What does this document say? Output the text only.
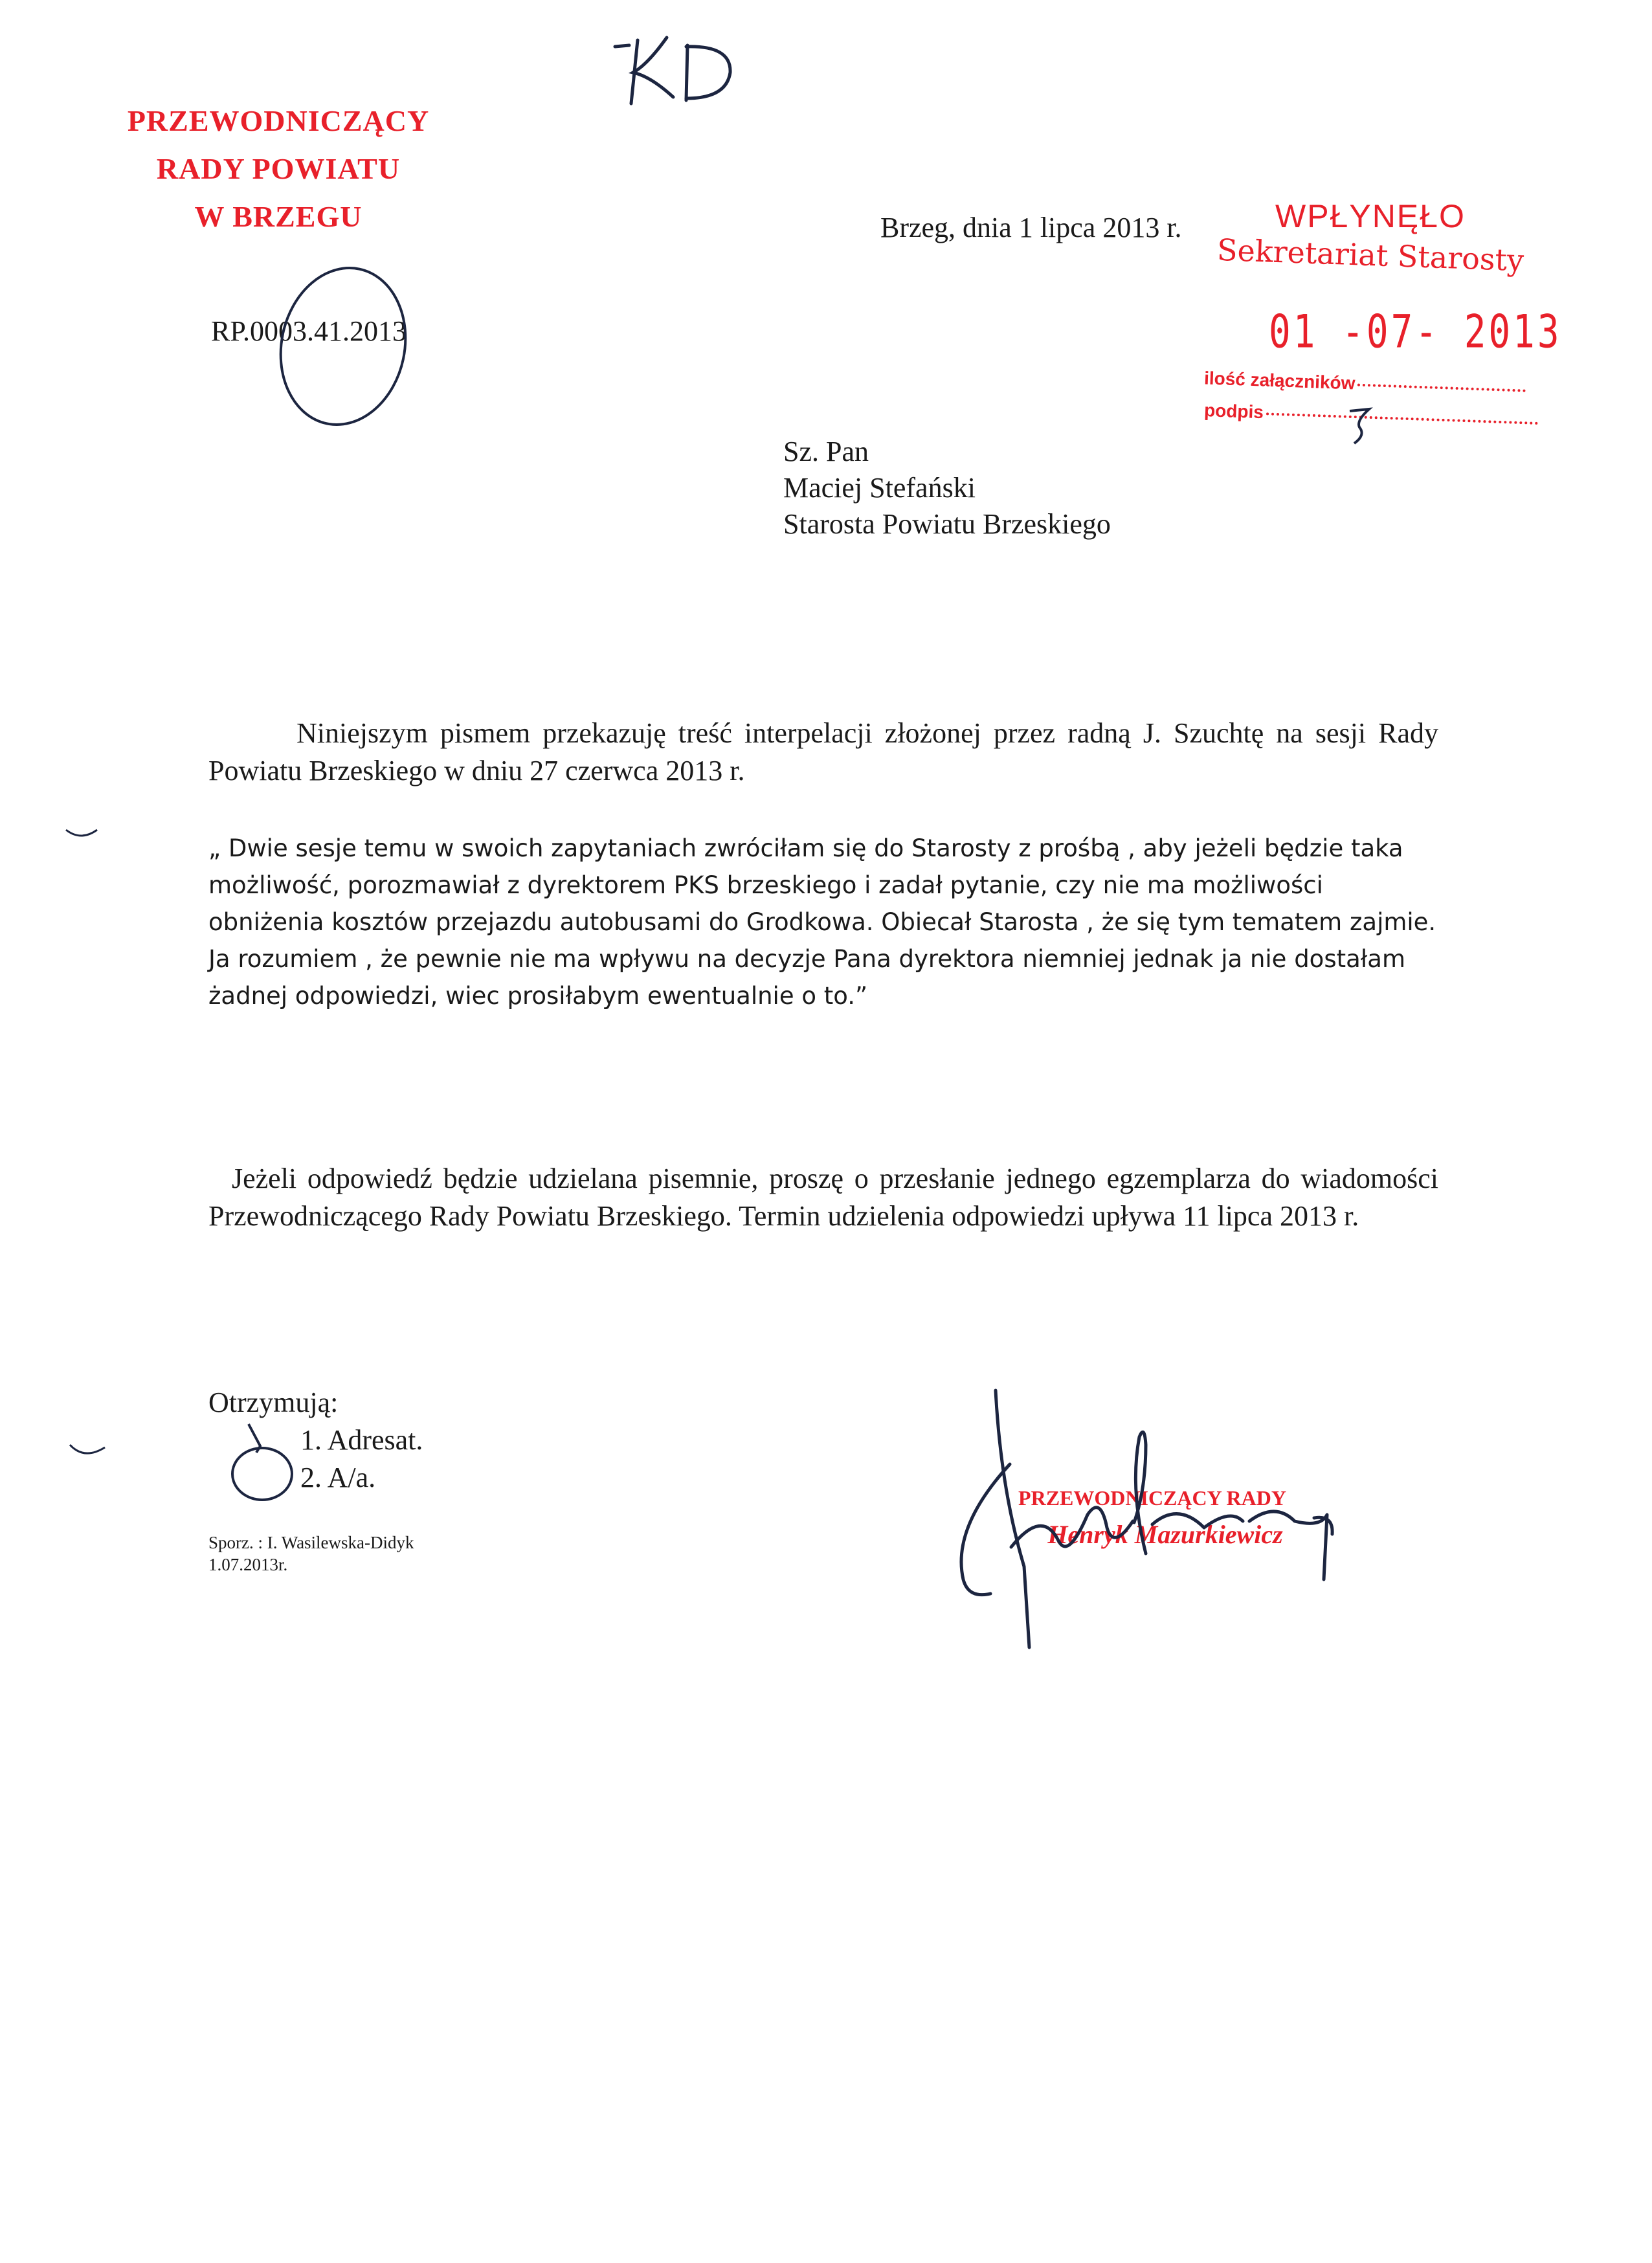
PRZEWODNICZĄCY
RADY POWIATU
W BRZEGU
RP.0003.41.2013
Brzeg, dnia 1 lipca 2013 r.	WPŁYNĘŁO
Sekretariat Starosty
01 -07- 2013
ilość załączników
podpis
Sz. Pan
Maciej Stefański
Starosta Powiatu Brzeskiego
Niniejszym pismem przekazuję treść interpelacji złożonej przez radną J. Szuchtę na sesji Rady Powiatu Brzeskiego w dniu 27 czerwca 2013 r.
„ Dwie sesje temu w swoich zapytaniach zwróciłam się do Starosty z prośbą , aby jeżeli będzie taka możliwość, porozmawiał z dyrektorem PKS brzeskiego i zadał pytanie, czy nie ma możliwości obniżenia kosztów przejazdu autobusami do Grodkowa. Obiecał Starosta , że się tym tematem zajmie. Ja rozumiem , że pewnie nie ma wpływu na decyzje Pana dyrektora niemniej jednak ja nie dostałam żadnej odpowiedzi, wiec prosiłabym ewentualnie o to.”
Jeżeli odpowiedź będzie udzielana pisemnie, proszę o przesłanie jednego egzemplarza do wiadomości Przewodniczącego Rady Powiatu Brzeskiego. Termin udzielenia odpowiedzi upływa 11 lipca 2013 r.
Otrzymują:
1. Adresat.
2. A/a.
Sporz. : I. Wasilewska-Didyk
1.07.2013r.
PRZEWODNICZĄCY RADY
Henryk Mazurkiewicz
